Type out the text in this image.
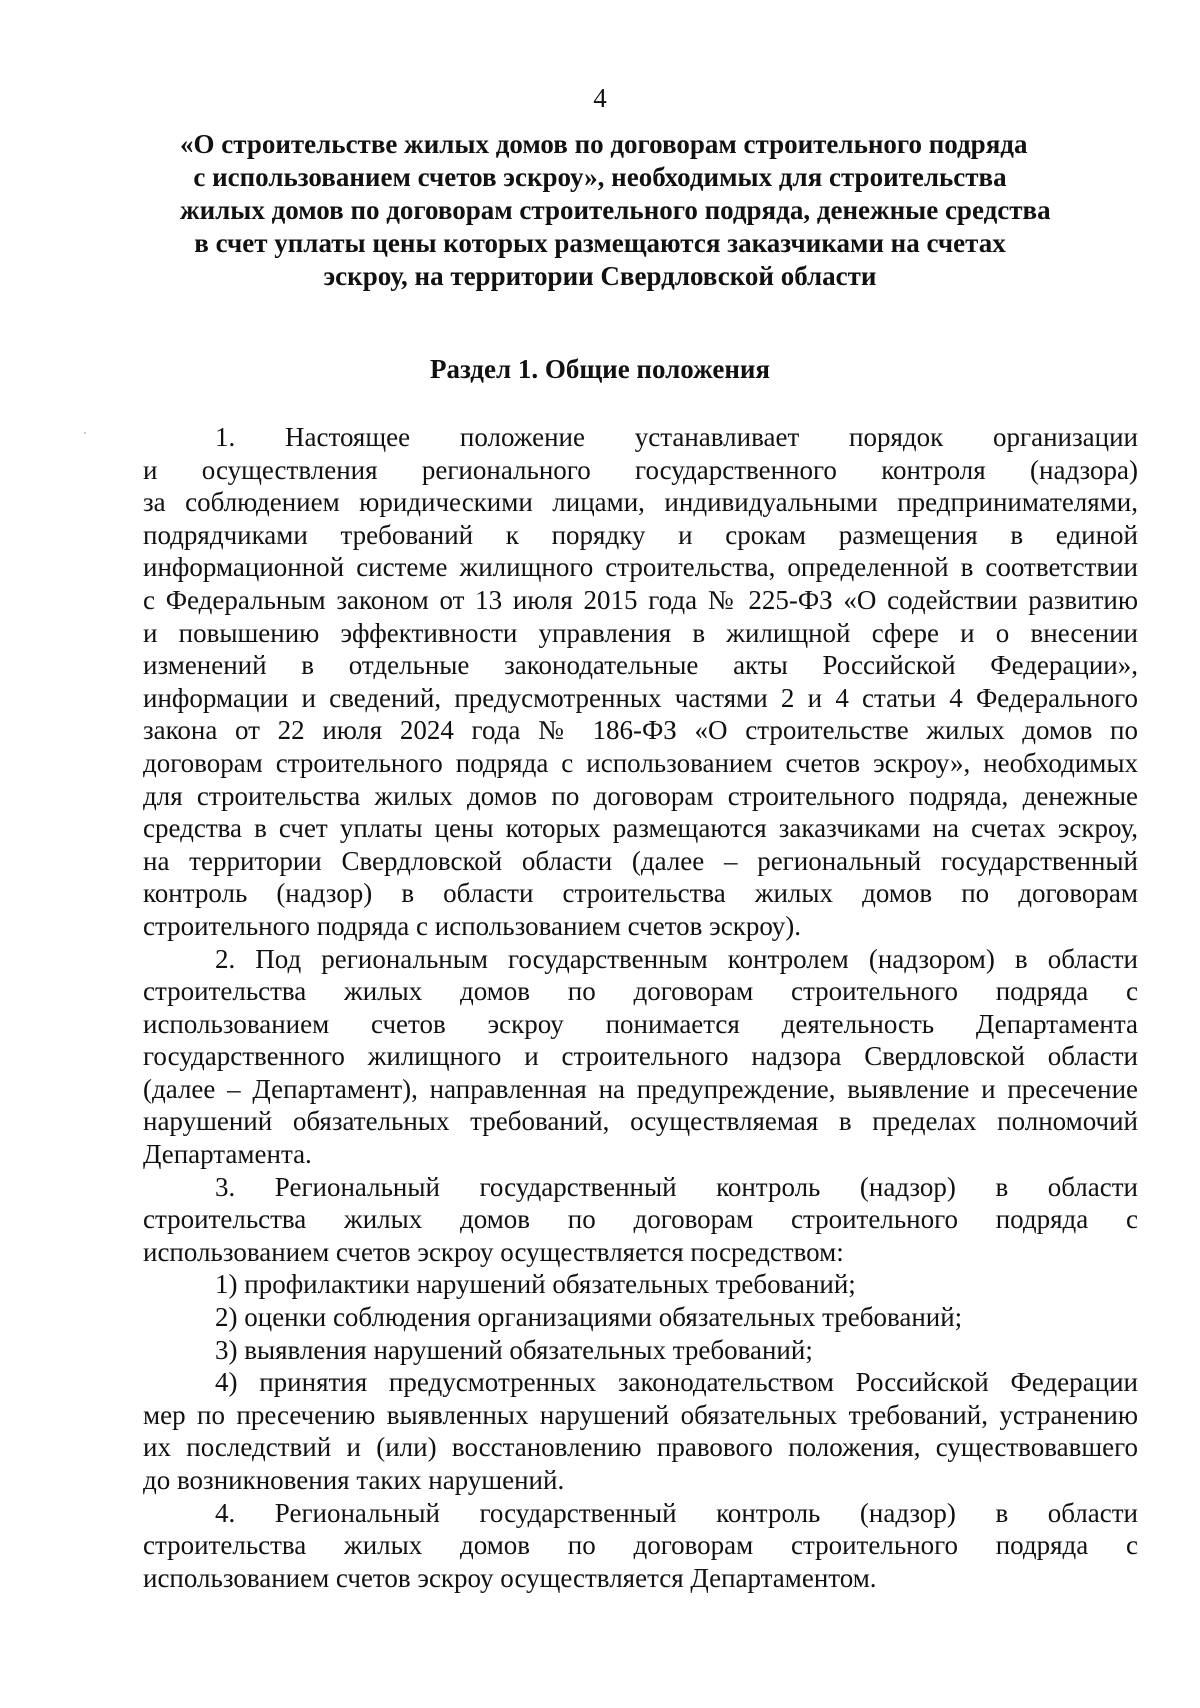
4
«О строительстве жилых домов по договорам строительного подряда
с использованием счетов эскроу», необходимых для строительства
жилых домов по договорам строительного подряда, денежные средства
в счет уплаты цены которых размещаются заказчиками на счетах
эскроу, на территории Свердловской области
Раздел 1. Общие положения
1. Настоящее положение устанавливает порядок организации
и осуществления регионального государственного контроля (надзора)
за соблюдением юридическими лицами, индивидуальными предпринимателями,
подрядчиками требований к порядку и срокам размещения в единой
информационной системе жилищного строительства, определенной в соответствии
с Федеральным законом от 13 июля 2015 года № 225-ФЗ «О содействии развитию
и повышению эффективности управления в жилищной сфере и о внесении
изменений в отдельные законодательные акты Российской Федерации»,
информации и сведений, предусмотренных частями 2 и 4 статьи 4 Федерального
закона от 22 июля 2024 года № 186-ФЗ «О строительстве жилых домов по
договорам строительного подряда с использованием счетов эскроу», необходимых
для строительства жилых домов по договорам строительного подряда, денежные
средства в счет уплаты цены которых размещаются заказчиками на счетах эскроу,
на территории Свердловской области (далее – региональный государственный
контроль (надзор) в области строительства жилых домов по договорам
строительного подряда с использованием счетов эскроу).
2. Под региональным государственным контролем (надзором) в области
строительства жилых домов по договорам строительного подряда с
использованием счетов эскроу понимается деятельность Департамента
государственного жилищного и строительного надзора Свердловской области
(далее – Департамент), направленная на предупреждение, выявление и пресечение
нарушений обязательных требований, осуществляемая в пределах полномочий
Департамента.
3. Региональный государственный контроль (надзор) в области
строительства жилых домов по договорам строительного подряда с
использованием счетов эскроу осуществляется посредством:
1) профилактики нарушений обязательных требований;
2) оценки соблюдения организациями обязательных требований;
3) выявления нарушений обязательных требований;
4) принятия предусмотренных законодательством Российской Федерации
мер по пресечению выявленных нарушений обязательных требований, устранению
их последствий и (или) восстановлению правового положения, существовавшего
до возникновения таких нарушений.
4. Региональный государственный контроль (надзор) в области
строительства жилых домов по договорам строительного подряда с
использованием счетов эскроу осуществляется Департаментом.
